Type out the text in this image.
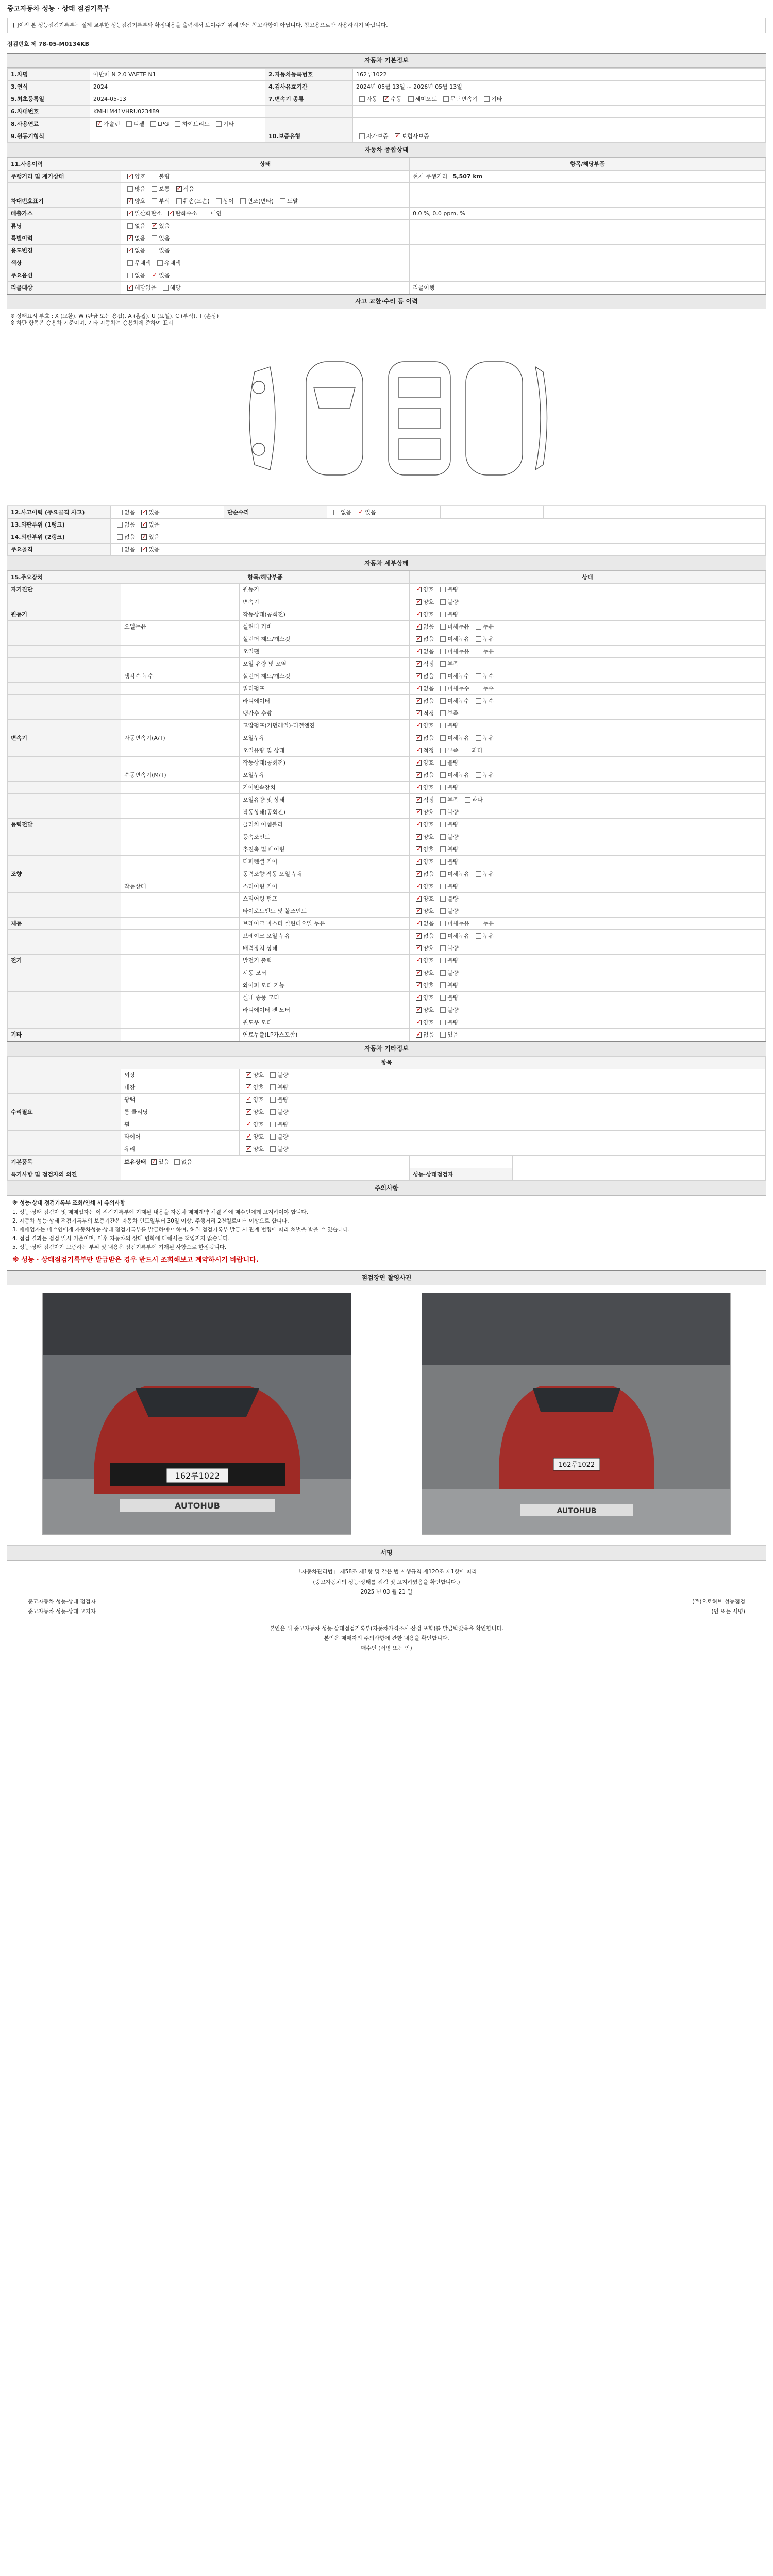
중고자동차 성능 · 상태 점검기록부
[ ]이진 본 성능점검기록부는 실제 교부한 성능점검기록부와 확정내용을 출력해서 보여주기 위해 만든 참고사항이 아닙니다. 참고용으로만 사용하시기 바랍니다.
점검번호 제 78-05-M0134KB
자동차 기본정보
1.차명	아반떼 N 2.0 VAETE N1	2.자동차등록번호	162루1022
3.연식	2024	4.검사유효기간	2024년 05월 13일 ~ 2026년 05월 13일
5.최초등록일	2024-05-13	7.변속기 종류	자동 ✓ 수동 세미오토 무단변속기 기타
6.차대번호	KMHLM41VHRU023489		
8.사용연료	✓가솔린 디젤 LPG 하이브리드 기타		
9.원동기형식		10.보증유형	자가보증 ✓ 보험사보증
자동차 종합상태
11.사용이력	상태	항목/해당부품
주행거리 및 계기상태	✓양호 불량	현재 주행거리   5,507 km
	많음 보통 ✓ 적음	
차대번호표기	✓양호 부식 훼손(오손) 상이 변조(변타) 도말	
배출가스	✓일산화탄소 ✓ 탄화수소 매연	0.0 %, 0.0 ppm, %
튜닝	없음 ✓ 있음	
특별이력	✓없음 있음	
용도변경	✓없음 있음	
색상	무채색 유채색	
주요옵션	없음 ✓ 있음	
리콜대상	✓해당없음 해당	리콜이행
사고 교환·수리 등 이력
※ 상태표시 부호 : X (교환), W (판금 또는 용접), A (흠집), U (요철), C (부식), T (손상)
※ 하단 항목은 승용차 기준이며, 기타 자동차는 승용차에 준하여 표시
12.사고이력 (주요골격 사고)	없음 ✓ 있음	단순수리	없음 ✓ 있음		
13.외판부위 (1랭크)	없음 ✓ 있음
14.외판부위 (2랭크)	없음 ✓ 있음
주요골격	없음 ✓ 있음
자동차 세부상태
15.주요장치	항목/해당부품		상태
자기진단		원동기	✓양호 불량
		변속기	✓양호 불량
원동기		작동상태(공회전)	✓양호 불량
	오일누유	실린더 커버	✓없음 미세누유 누유
		실린더 헤드/개스킷	✓없음 미세누유 누유
		오일팬	✓없음 미세누유 누유
		오일 유량 및 오염	✓적정 부족
	냉각수 누수	실린더 헤드/개스킷	✓없음 미세누수 누수
		워터펌프	✓없음 미세누수 누수
		라디에이터	✓없음 미세누수 누수
		냉각수 수량	✓적정 부족
		고압펌프(커먼레일)-디젤엔진	✓양호 불량
변속기	자동변속기(A/T)	오일누유	✓없음 미세누유 누유
		오일유량 및 상태	✓적정 부족 과다
		작동상태(공회전)	✓양호 불량
	수동변속기(M/T)	오일누유	✓없음 미세누유 누유
		기어변속장치	✓양호 불량
		오일유량 및 상태	✓적정 부족 과다
		작동상태(공회전)	✓양호 불량
동력전달		클러치 어셈블리	✓양호 불량
		등속조인트	✓양호 불량
		추진축 및 베어링	✓양호 불량
		디퍼렌셜 기어	✓양호 불량
조향		동력조향 작동 오일 누유	✓없음 미세누유 누유
	작동상태	스티어링 기어	✓양호 불량
		스티어링 펌프	✓양호 불량
		타이로드엔드 및 볼조인트	✓양호 불량
제동		브레이크 마스터 실린더오일 누유	✓없음 미세누유 누유
		브레이크 오일 누유	✓없음 미세누유 누유
		배력장치 상태	✓양호 불량
전기		발전기 출력	✓양호 불량
		시동 모터	✓양호 불량
		와이퍼 모터 기능	✓양호 불량
		실내 송풍 모터	✓양호 불량
		라디에이터 팬 모터	✓양호 불량
		윈도우 모터	✓양호 불량
기타		연료누출(LP가스포함)	✓없음 있음
자동차 기타정보
항목		
	외장	✓양호 불량
	내장	✓양호 불량
	광택	✓양호 불량
수리필요	룸 클리닝	✓양호 불량
	휠	✓양호 불량
	타이어	✓양호 불량
	유리	✓양호 불량
기본품목	보유상태 ✓ 있음 없음		
특기사항 및 점검자의 의견		성능·상태점검자	
주의사항
※ 성능·상태 점검기록부 조회/인쇄 시 유의사항
1. 성능·상태 점검자 및 매매업자는 이 점검기록부에 기재된 내용을 자동차 매매계약 체결 전에 매수인에게 고지하여야 합니다.
2. 자동차 성능·상태 점검기록부의 보증기간은 자동차 인도일부터 30일 이상, 주행거리 2천킬로미터 이상으로 합니다.
3. 매매업자는 매수인에게 자동차성능·상태 점검기록부를 발급하여야 하며, 허위 점검기록부 발급 시 관계 법령에 따라 처벌을 받을 수 있습니다.
4. 점검 결과는 점검 일시 기준이며, 이후 자동차의 상태 변화에 대해서는 책임지지 않습니다.
5. 성능·상태 점검자가 보증하는 부위 및 내용은 점검기록부에 기재된 사항으로 한정됩니다.
※ 성능 · 상태점검기록부만 발급받은 경우 반드시 조회해보고 계약하시기 바랍니다.
점검장면 촬영사진
162루1022
AUTOHUB
162루1022
AUTOHUB
서명
「자동차관리법」 제58조 제1항 및 같은 법 시행규칙 제120조 제1항에 따라
(중고자동차의 성능·상태를 점검 및 고지하였음을 확인합니다.)
2025 년 03 월 21 일
중고자동차 성능·상태 점검자	(주)오토허브 성능점검
중고자동차 성능·상태 고지자	(인 또는 서명)
본인은 위 중고자동차 성능·상태점검기록부(자동차가격조사·산정 포함)를 발급받았음을 확인합니다.
본인은 매매자의 주의사항에 관한 내용을 확인합니다.
매수인 (서명 또는 인)
